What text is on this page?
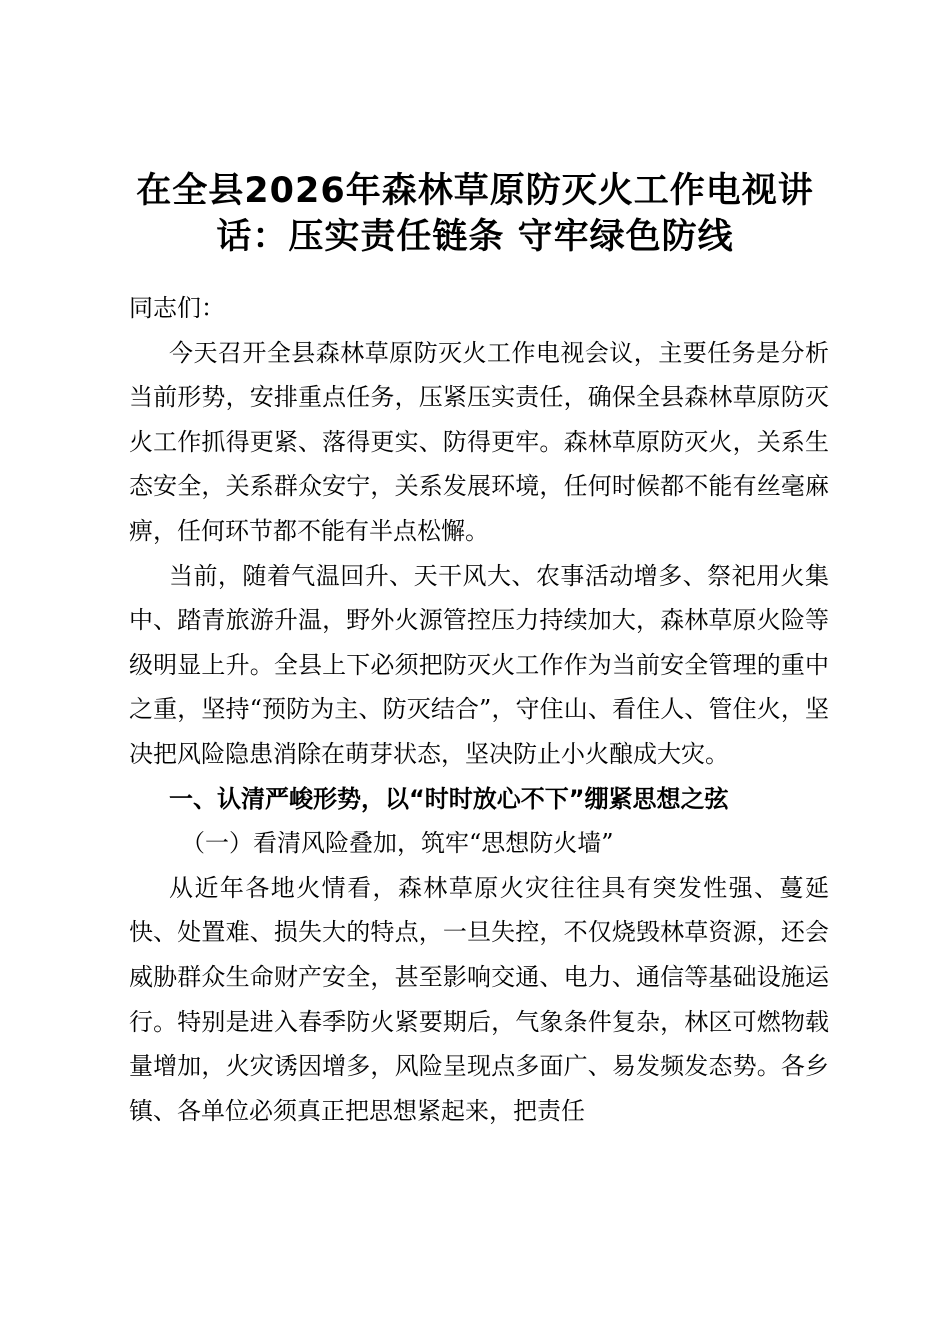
在全县2026年森林草原防灭火工作电视讲
话：压实责任链条 守牢绿色防线

同志们：

今天召开全县森林草原防灭火工作电视会议，主要任务是分析当前形势，安排重点任务，压紧压实责任，确保全县森林草原防灭火工作抓得更紧、落得更实、防得更牢。森林草原防灭火，关系生态安全，关系群众安宁，关系发展环境，任何时候都不能有丝毫麻痹，任何环节都不能有半点松懈。

当前，随着气温回升、天干风大、农事活动增多、祭祀用火集中、踏青旅游升温，野外火源管控压力持续加大，森林草原火险等级明显上升。全县上下必须把防灭火工作作为当前安全管理的重中之重，坚持“预防为主、防灭结合”，守住山、看住人、管住火，坚决把风险隐患消除在萌芽状态，坚决防止小火酿成大灾。

一、认清严峻形势，以“时时放心不下”绷紧思想之弦

（一）看清风险叠加，筑牢“思想防火墙”

从近年各地火情看，森林草原火灾往往具有突发性强、蔓延快、处置难、损失大的特点，一旦失控，不仅烧毁林草资源，还会威胁群众生命财产安全，甚至影响交通、电力、通信等基础设施运行。特别是进入春季防火紧要期后，气象条件复杂，林区可燃物载量增加，火灾诱因增多，风险呈现点多面广、易发频发态势。各乡镇、各单位必须真正把思想紧起来，把责任
